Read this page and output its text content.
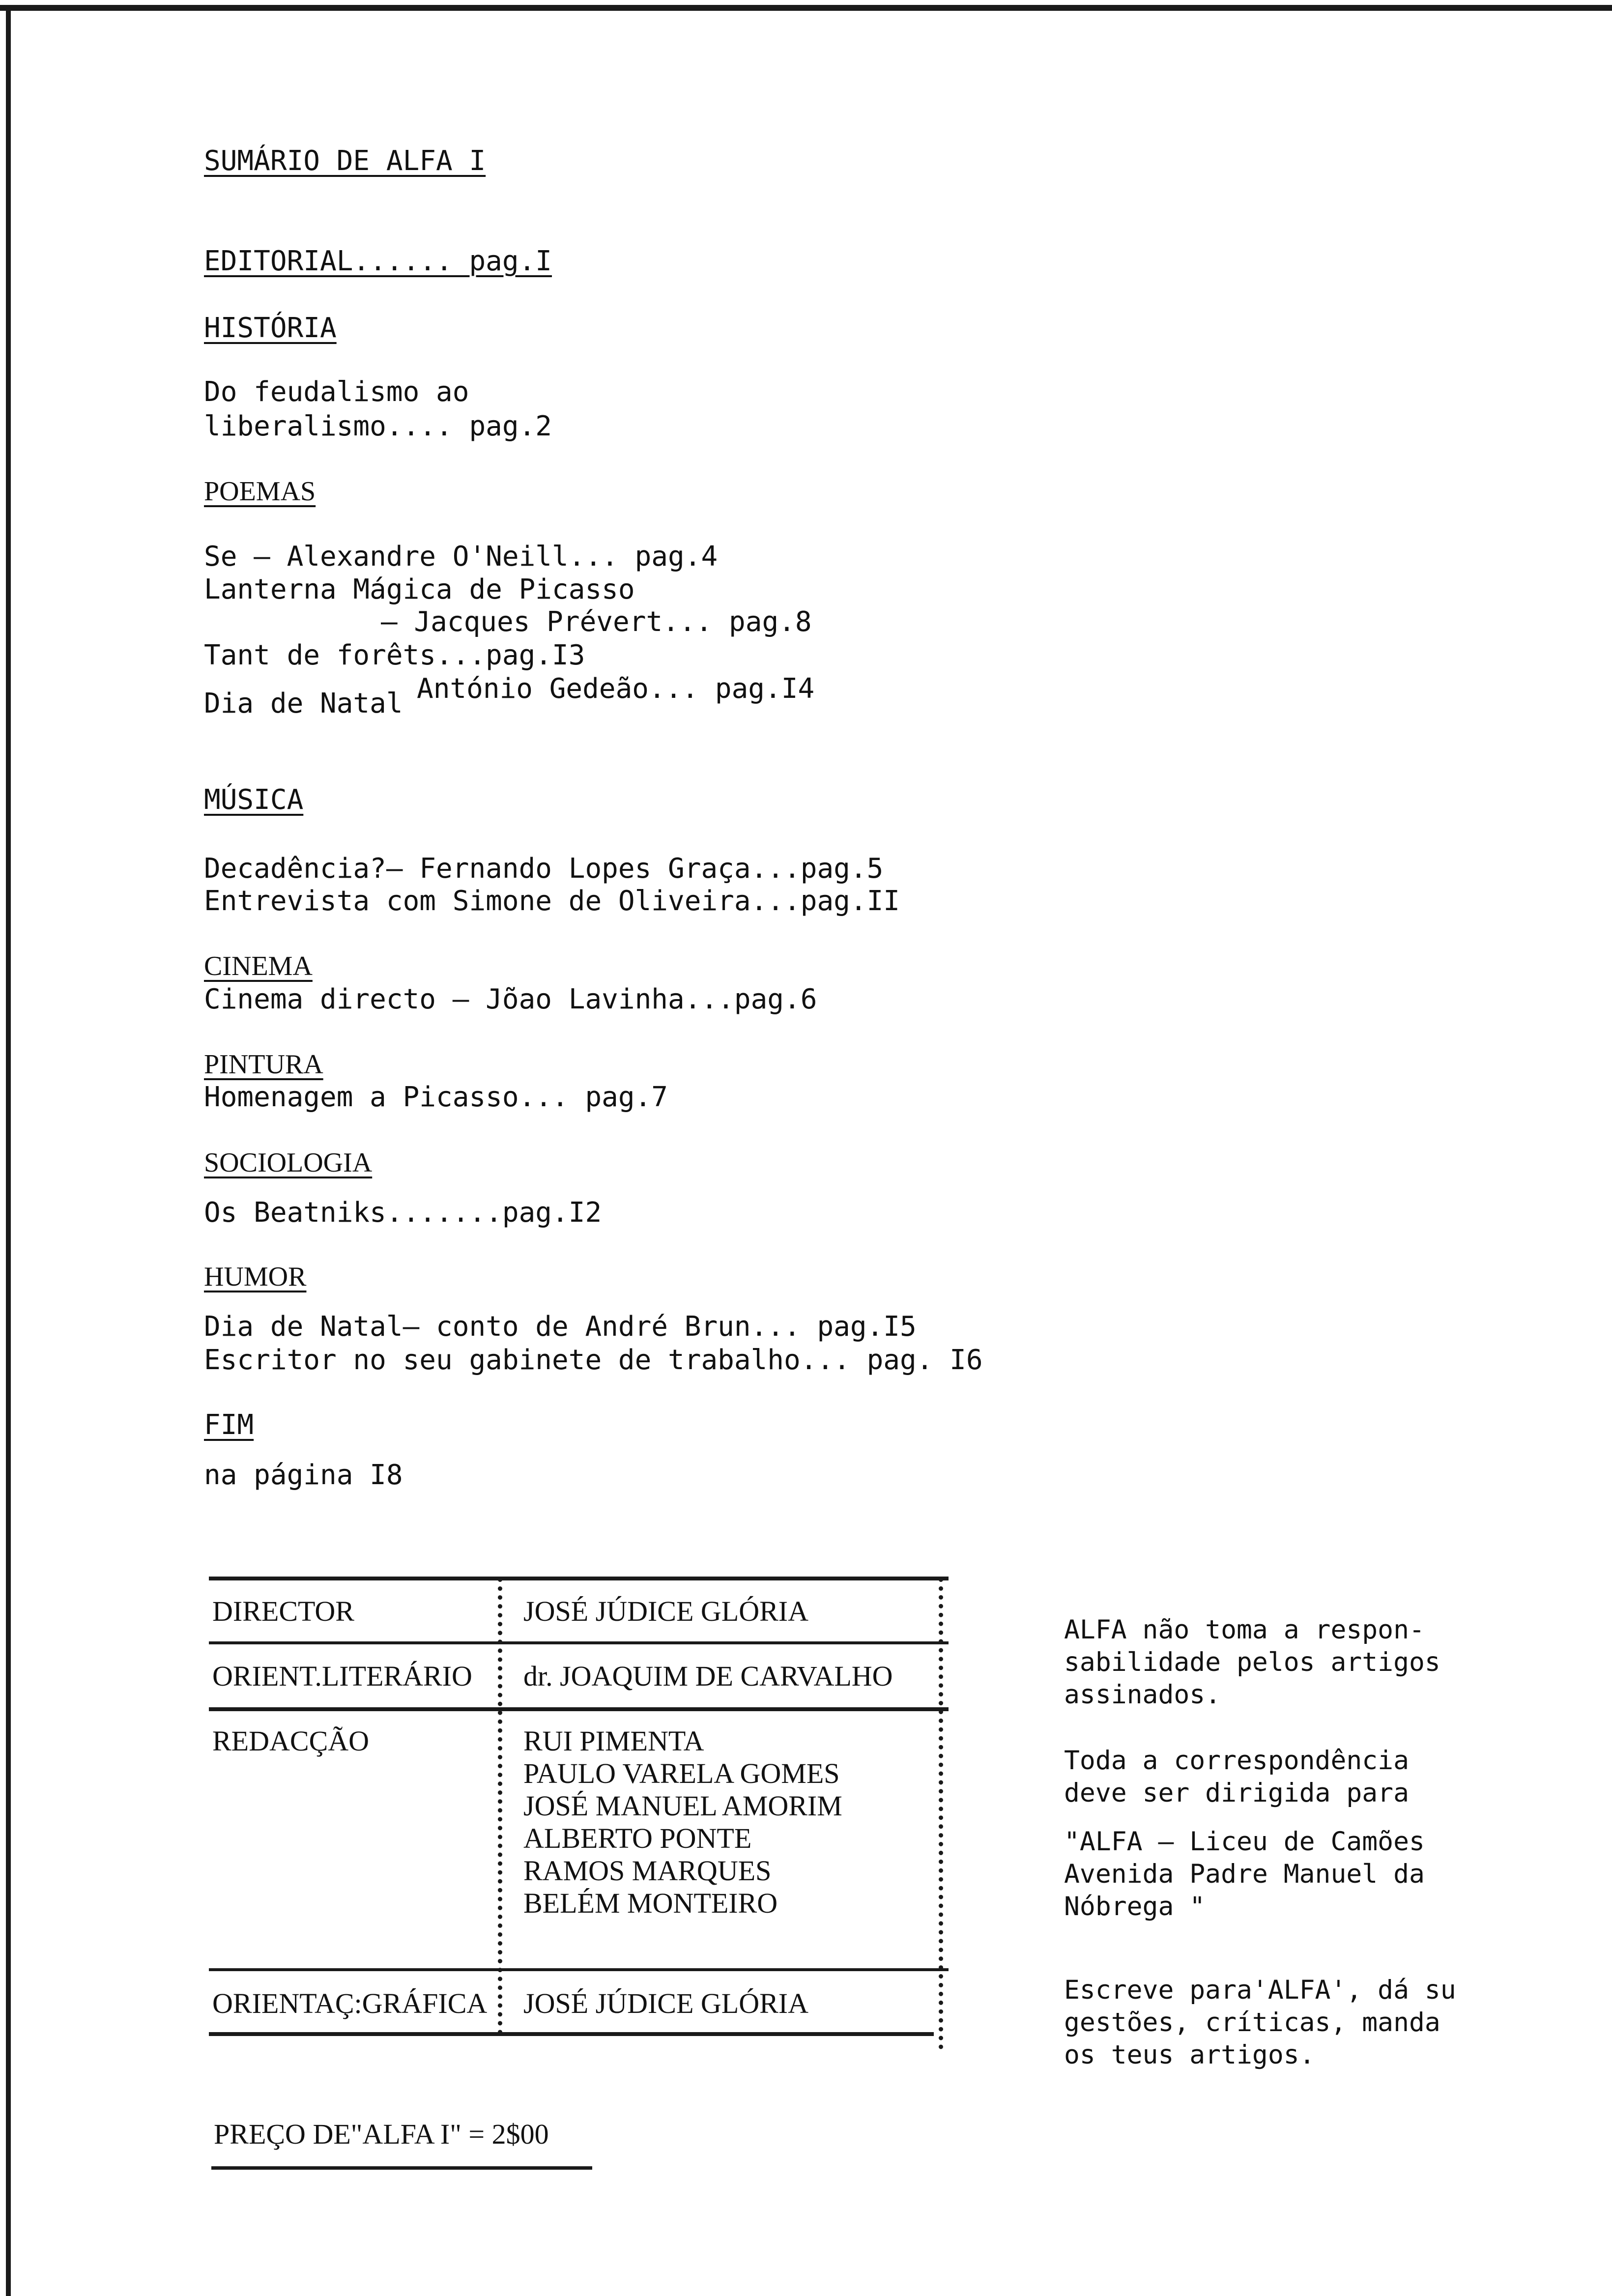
SUMÁRIO DE ALFA I
EDITORIAL...... pag.I
HISTÓRIA
Do feudalismo ao
liberalismo.... pag.2
POEMAS
Se – Alexandre O'Neill... pag.4
Lanterna Mágica de Picasso
– Jacques Prévert... pag.8
Tant de forêts...pag.I3
Dia de Natal António Gedeão... pag.I4
MÚSICA
Decadência?– Fernando Lopes Graça...pag.5
Entrevista com Simone de Oliveira...pag.II
CINEMA
Cinema directo – Jõao Lavinha...pag.6
PINTURA
Homenagem a Picasso... pag.7
SOCIOLOGIA
Os Beatniks.......pag.I2
HUMOR
Dia de Natal– conto de André Brun... pag.I5
Escritor no seu gabinete de trabalho... pag. I6
FIM
na página I8
DIRECTOR	JOSÉ JÚDICE GLÓRIA
ORIENT.LITERÁRIO dr. JOAQUIM DE CARVALHO
REDACÇÃO	RUI PIMENTA
PAULO VARELA GOMES
JOSÉ MANUEL AMORIM
ALBERTO PONTE
RAMOS MARQUES
BELÉM MONTEIRO
ORIENTAÇ:GRÁFICA JOSÉ JÚDICE GLÓRIA
ALFA não toma a respon-
sabilidade pelos artigos
assinados.
Toda a correspondência
deve ser dirigida para
"ALFA – Liceu de Camões
Avenida Padre Manuel da
Nóbrega "
Escreve para'ALFA', dá su
gestões, críticas, manda
os teus artigos.
PREÇO DE"ALFA I" = 2$00
